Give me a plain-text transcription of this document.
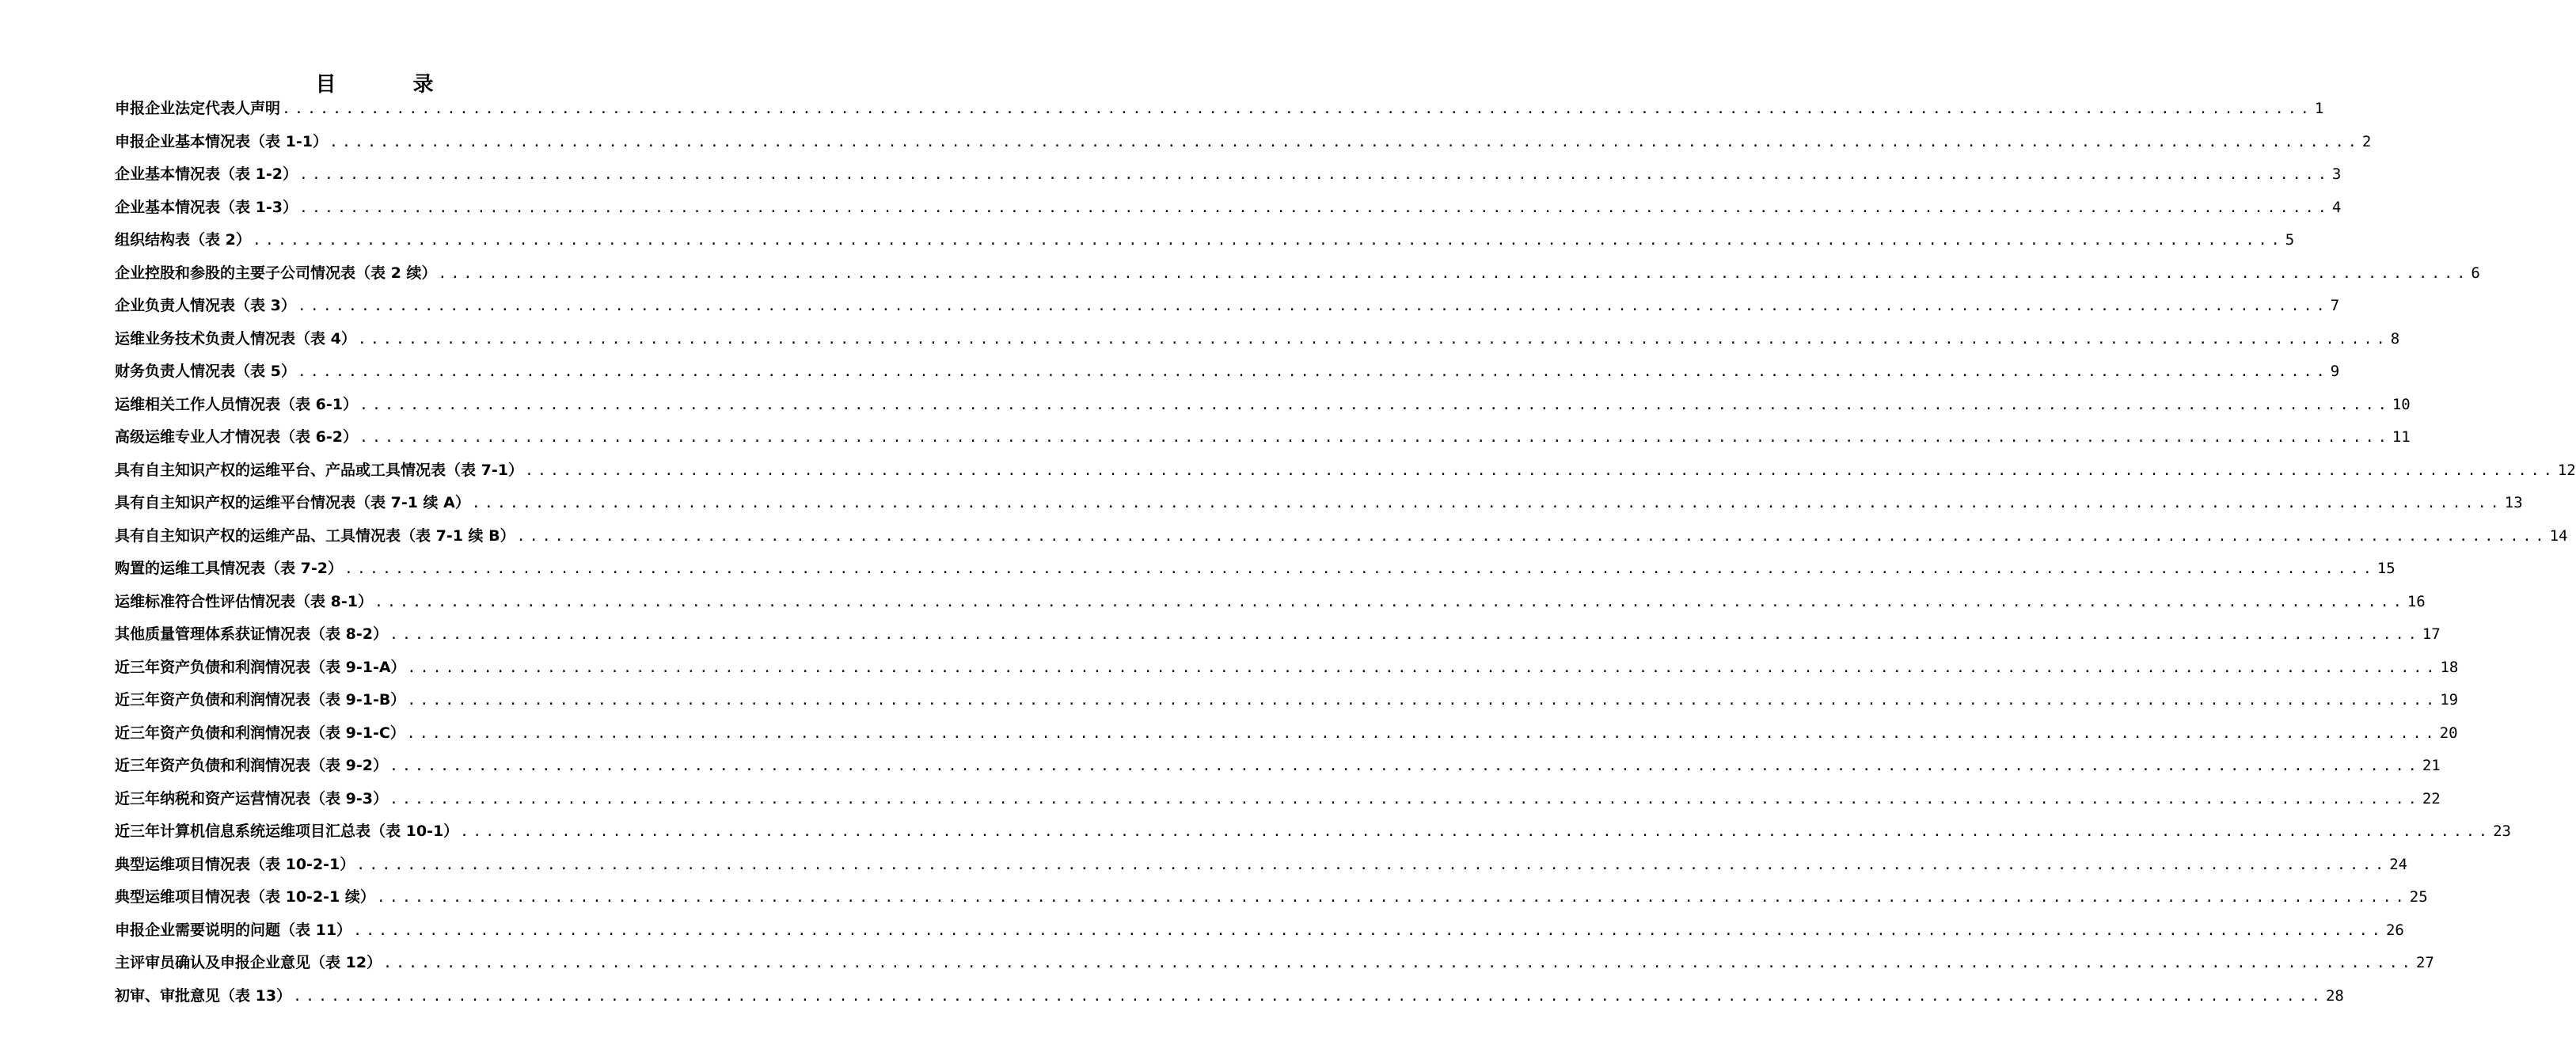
目 录
申报企业法定代表人声明 ................................................................................................................................................................ 1
申报企业基本情况表（表 1-1） ................................................................................................................................................................ 2
企业基本情况表（表 1-2） ................................................................................................................................................................ 3
企业基本情况表（表 1-3） ................................................................................................................................................................ 4
组织结构表（表 2） ................................................................................................................................................................ 5
企业控股和参股的主要子公司情况表（表 2 续） ................................................................................................................................................................ 6
企业负责人情况表（表 3） ................................................................................................................................................................ 7
运维业务技术负责人情况表（表 4） ................................................................................................................................................................ 8
财务负责人情况表（表 5） ................................................................................................................................................................ 9
运维相关工作人员情况表（表 6-1） ................................................................................................................................................................ 10
高级运维专业人才情况表（表 6-2） ................................................................................................................................................................ 11
具有自主知识产权的运维平台、产品或工具情况表（表 7-1） ................................................................................................................................................................ 12
具有自主知识产权的运维平台情况表（表 7-1 续 A） ................................................................................................................................................................ 13
具有自主知识产权的运维产品、工具情况表（表 7-1 续 B） ................................................................................................................................................................ 14
购置的运维工具情况表（表 7-2） ................................................................................................................................................................ 15
运维标准符合性评估情况表（表 8-1） ................................................................................................................................................................ 16
其他质量管理体系获证情况表（表 8-2） ................................................................................................................................................................ 17
近三年资产负债和利润情况表（表 9-1-A） ................................................................................................................................................................ 18
近三年资产负债和利润情况表（表 9-1-B） ................................................................................................................................................................ 19
近三年资产负债和利润情况表（表 9-1-C） ................................................................................................................................................................ 20
近三年资产负债和利润情况表（表 9-2） ................................................................................................................................................................ 21
近三年纳税和资产运营情况表（表 9-3） ................................................................................................................................................................ 22
近三年计算机信息系统运维项目汇总表（表 10-1） ................................................................................................................................................................ 23
典型运维项目情况表（表 10-2-1） ................................................................................................................................................................ 24
典型运维项目情况表（表 10-2-1 续） ................................................................................................................................................................ 25
申报企业需要说明的问题（表 11） ................................................................................................................................................................ 26
主评审员确认及申报企业意见（表 12） ................................................................................................................................................................ 27
初审、审批意见（表 13） ................................................................................................................................................................ 28
